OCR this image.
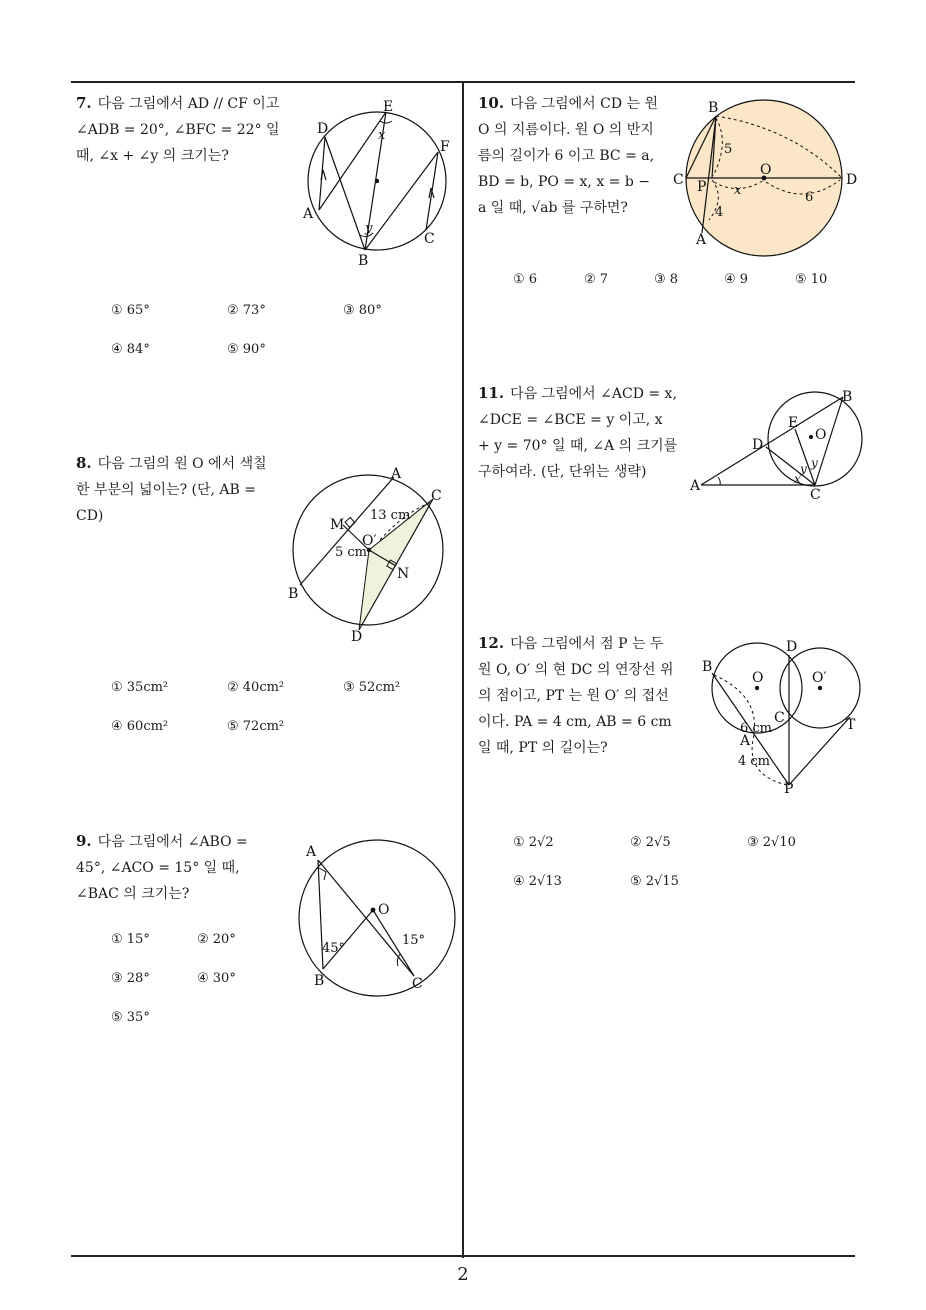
7. 다음 그림에서 AD // CF 이고 ∠ADB = 20°, ∠BFC = 22° 일 때, ∠x + ∠y 의 크기는?
E
D
F
A
B
C
x
y
① 65°	② 73°	③ 80°
④ 84°	⑤ 90°
8. 다음 그림의 원 O 에서 색칠한 부분의 넓이는? (단, AB = CD)
A
C
B
D
M
N
O′
13 cm
5 cm
① 35cm²	② 40cm²	③ 52cm²
④ 60cm²	⑤ 72cm²
9. 다음 그림에서 ∠ABO = 45°, ∠ACO = 15° 일 때, ∠BAC 의 크기는?
A
B	C
O
45°
15°
① 15°	② 20°
③ 28°	④ 30°
⑤ 35°
10. 다음 그림에서 CD 는 원 O 의 지름이다. 원 O 의 반지름의 길이가 6 이고 BC = a, BD = b, PO = x, x = b − a 일 때, √ab 를 구하면?
B
C	D
A
P
O
5
4
6
x
① 6	② 7	③ 8	④ 9	⑤ 10
11. 다음 그림에서 ∠ACD = x, ∠DCE = ∠BCE = y 이고, x + y = 70° 일 때, ∠A 의 크기를 구하여라. (단, 단위는 생략)
B
A
C
D
E
O
x
y y
12. 다음 그림에서 점 P 는 두 원 O, O′ 의 현 DC 의 연장선 위의 점이고, PT 는 원 O′ 의 접선이다. PA = 4 cm, AB = 6 cm 일 때, PT 의 길이는?
B
D
O	O′
C	T
A
P
6 cm
4 cm
① 2√2	② 2√5	③ 2√10
④ 2√13	⑤ 2√15
2
